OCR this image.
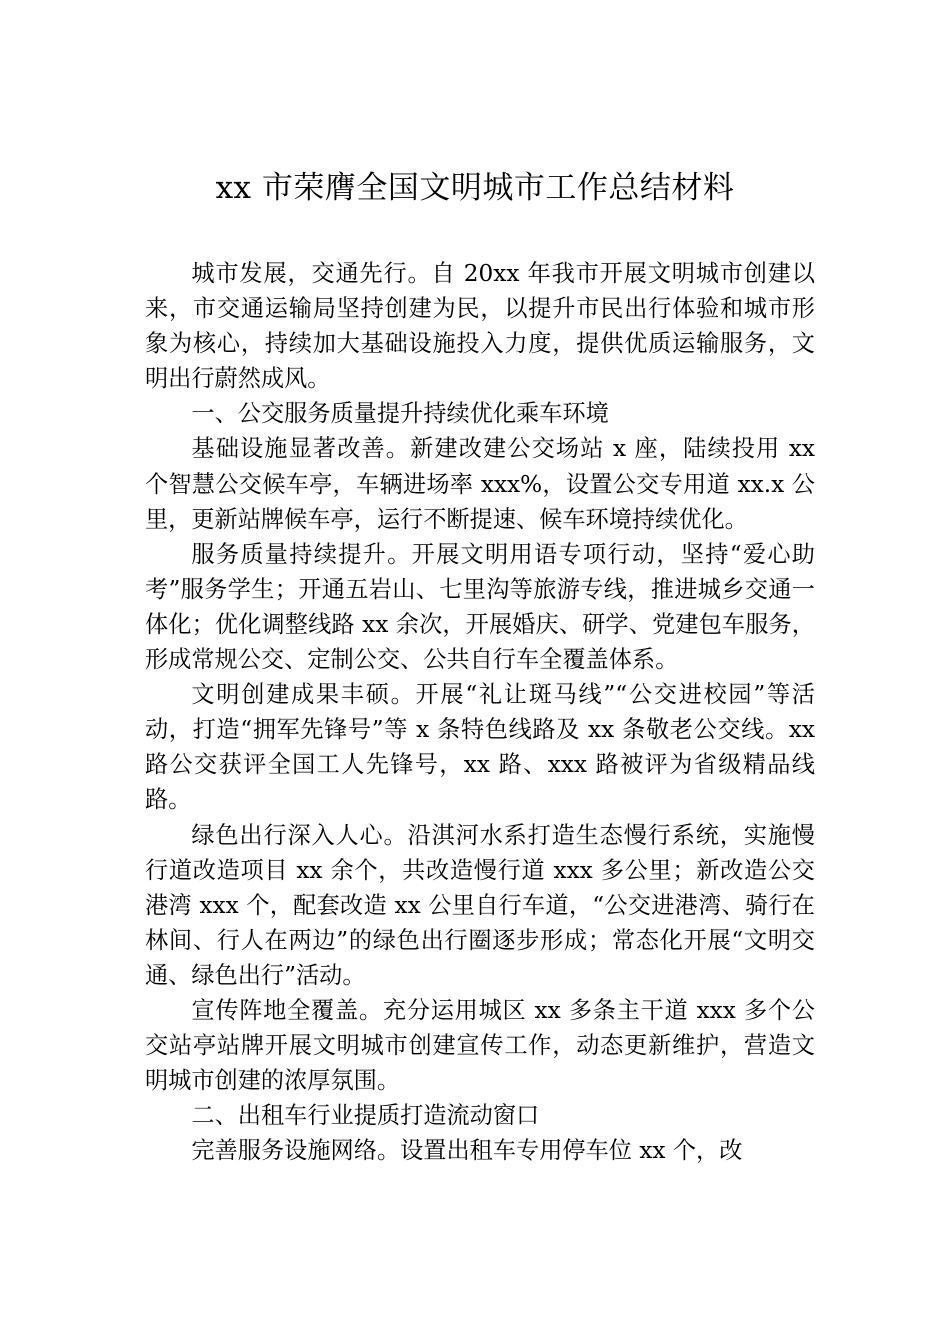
xx 市荣膺全国文明城市工作总结材料

城市发展，交通先行。自 20xx 年我市开展文明城市创建以来，市交通运输局坚持创建为民，以提升市民出行体验和城市形象为核心，持续加大基础设施投入力度，提供优质运输服务，文明出行蔚然成风。

一、公交服务质量提升持续优化乘车环境

基础设施显著改善。新建改建公交场站 x 座，陆续投用 xx 个智慧公交候车亭，车辆进场率 xxx%，设置公交专用道 xx.x 公里，更新站牌候车亭，运行不断提速、候车环境持续优化。

服务质量持续提升。开展文明用语专项行动，坚持“爱心助考”服务学生；开通五岩山、七里沟等旅游专线，推进城乡交通一体化；优化调整线路 xx 余次，开展婚庆、研学、党建包车服务，形成常规公交、定制公交、公共自行车全覆盖体系。

文明创建成果丰硕。开展“礼让斑马线”“公交进校园”等活动，打造“拥军先锋号”等 x 条特色线路及 xx 条敬老公交线。xx 路公交获评全国工人先锋号，xx 路、xxx 路被评为省级精品线路。

绿色出行深入人心。沿淇河水系打造生态慢行系统，实施慢行道改造项目 xx 余个，共改造慢行道 xxx 多公里；新改造公交港湾 xxx 个，配套改造 xx 公里自行车道，“公交进港湾、骑行在林间、行人在两边”的绿色出行圈逐步形成；常态化开展“文明交通、绿色出行”活动。

宣传阵地全覆盖。充分运用城区 xx 多条主干道 xxx 多个公交站亭站牌开展文明城市创建宣传工作，动态更新维护，营造文明城市创建的浓厚氛围。

二、出租车行业提质打造流动窗口

完善服务设施网络。设置出租车专用停车位 xx 个，改
